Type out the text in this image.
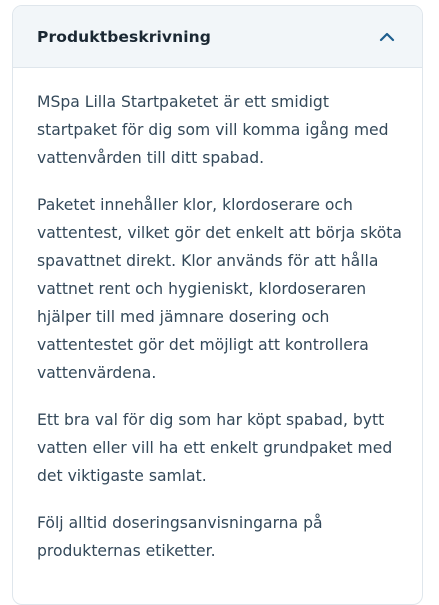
Produktbeskrivning

MSpa Lilla Startpaketet är ett smidigt startpaket för dig som vill komma igång med vattenvården till ditt spabad.

Paketet innehåller klor, klordoserare och vattentest, vilket gör det enkelt att börja sköta spavattnet direkt. Klor används för att hålla vattnet rent och hygieniskt, klordoseraren hjälper till med jämnare dosering och vattentestet gör det möjligt att kontrollera vattenvärdena.

Ett bra val för dig som har köpt spabad, bytt vatten eller vill ha ett enkelt grundpaket med det viktigaste samlat.

Följ alltid doseringsanvisningarna på produkternas etiketter.
